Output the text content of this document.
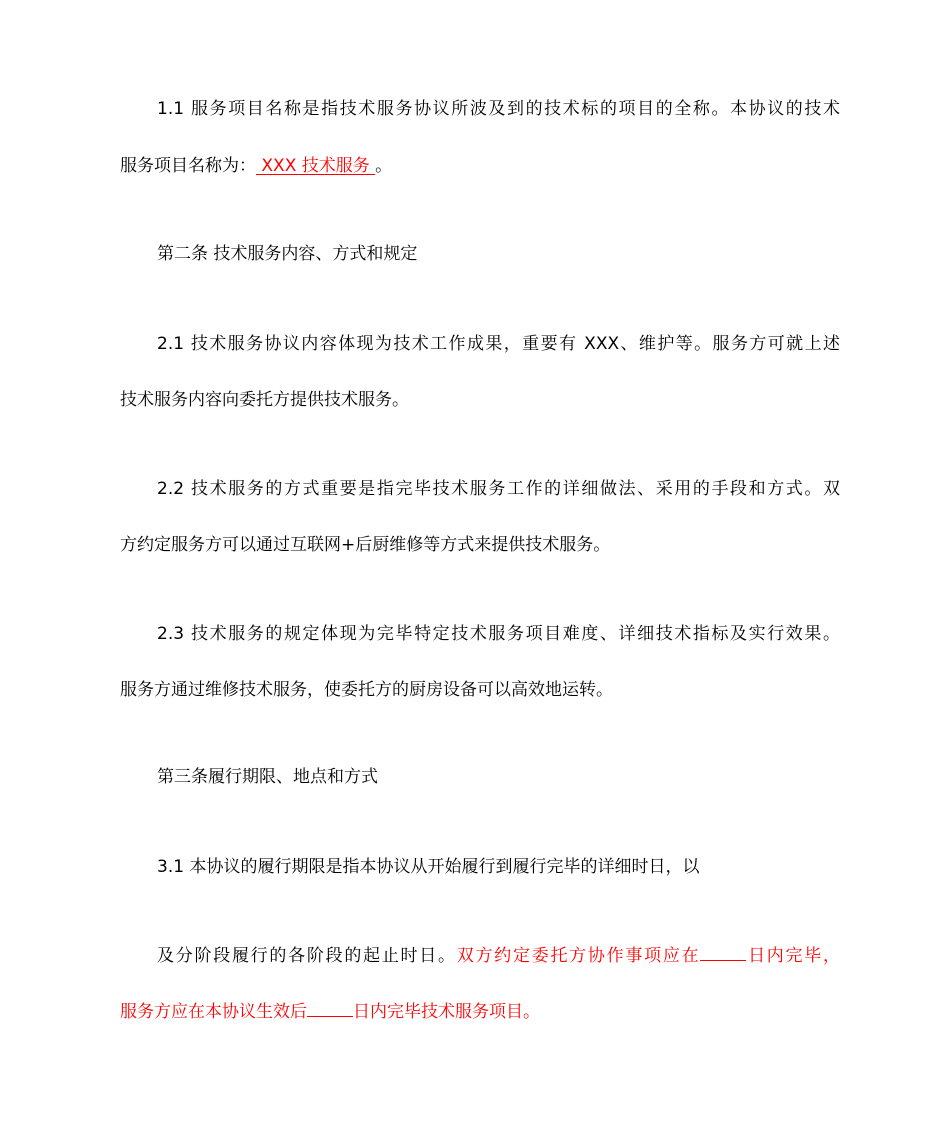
1.1 服务项目名称是指技术服务协议所波及到的技术标的项目的全称。本协议的技术
服务项目名称为： XXX 技术服务 。
第二条 技术服务内容、方式和规定
2.1 技术服务协议内容体现为技术工作成果，重要有 XXX、维护等。服务方可就上述
技术服务内容向委托方提供技术服务。
2.2 技术服务的方式重要是指完毕技术服务工作的详细做法、采用的手段和方式。双
方约定服务方可以通过互联网+后厨维修等方式来提供技术服务。
2.3 技术服务的规定体现为完毕特定技术服务项目难度、详细技术指标及实行效果。
服务方通过维修技术服务，使委托方的厨房设备可以高效地运转。
第三条履行期限、地点和方式
3.1 本协议的履行期限是指本协议从开始履行到履行完毕的详细时日，以
及分阶段履行的各阶段的起止时日。双方约定委托方协作事项应在	日内完毕，
服务方应在本协议生效后	日内完毕技术服务项目。
